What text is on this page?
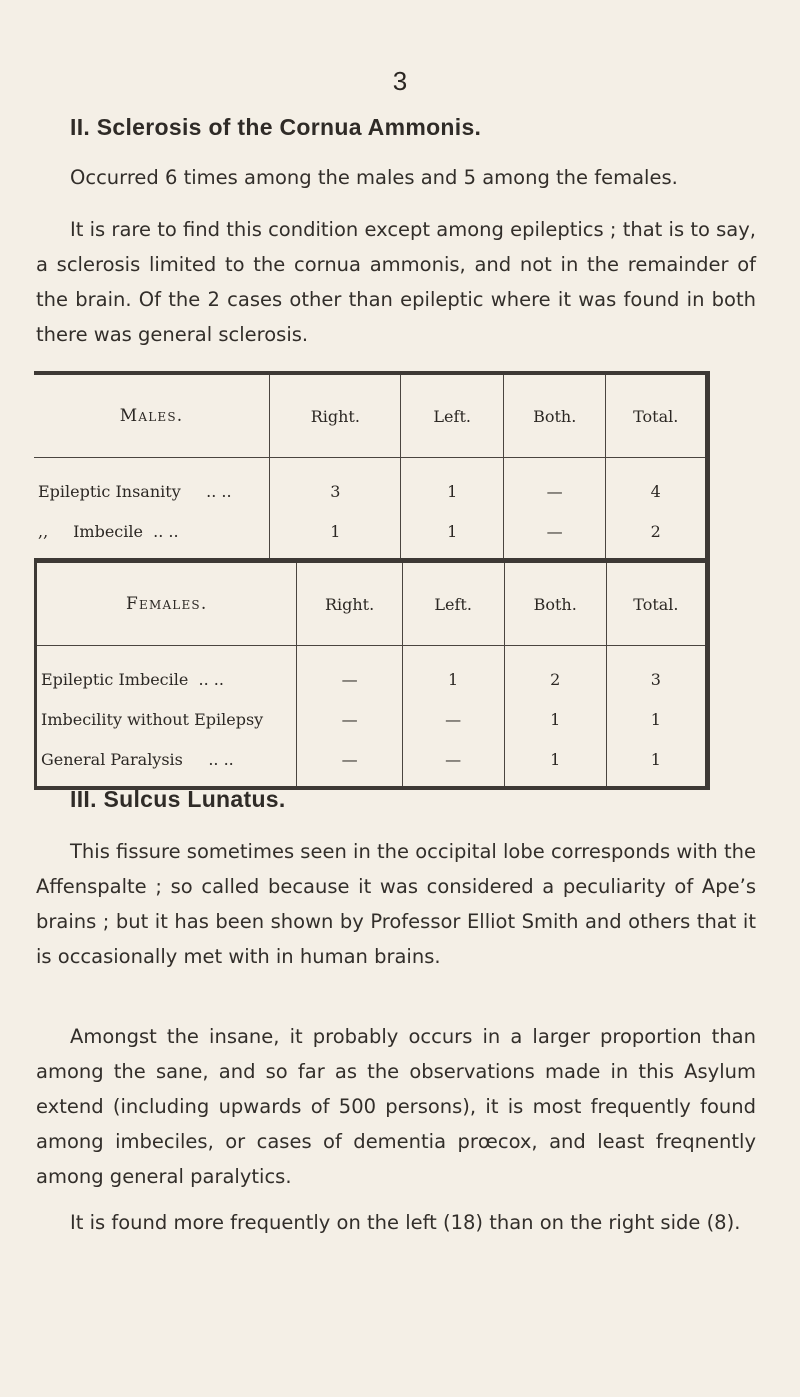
3
II. Sclerosis of the Cornua Ammonis.

Occurred 6 times among the males and 5 among the females.

It is rare to find this condition except among epileptics ; that is to say, a sclerosis limited to the cornua ammonis, and not in the remainder of the brain. Of the 2 cases other than epileptic where it was found in both there was general sclerosis.

Males.	Right.	Left.	Both.	Total.
Epileptic Insanity .. ..	3	1	—	4
,, Imbecile .. ..	1	1	—	2
Females.	Right.	Left.	Both.	Total.
Epileptic Imbecile .. ..	—	1	2	3
Imbecility without Epilepsy	—	—	1	1
General Paralysis .. ..	—	—	1	1
III. Sulcus Lunatus.

This fissure sometimes seen in the occipital lobe corresponds with the Affenspalte ; so called because it was considered a peculiarity of Ape’s brains ; but it has been shown by Professor Elliot Smith and others that it is occasionally met with in human brains.

Amongst the insane, it probably occurs in a larger proportion than among the sane, and so far as the observations made in this Asylum extend (including upwards of 500 persons), it is most frequently found among imbeciles, or cases of dementia prœcox, and least freqnently among general paralytics.

It is found more frequently on the left (18) than on the right side (8).
